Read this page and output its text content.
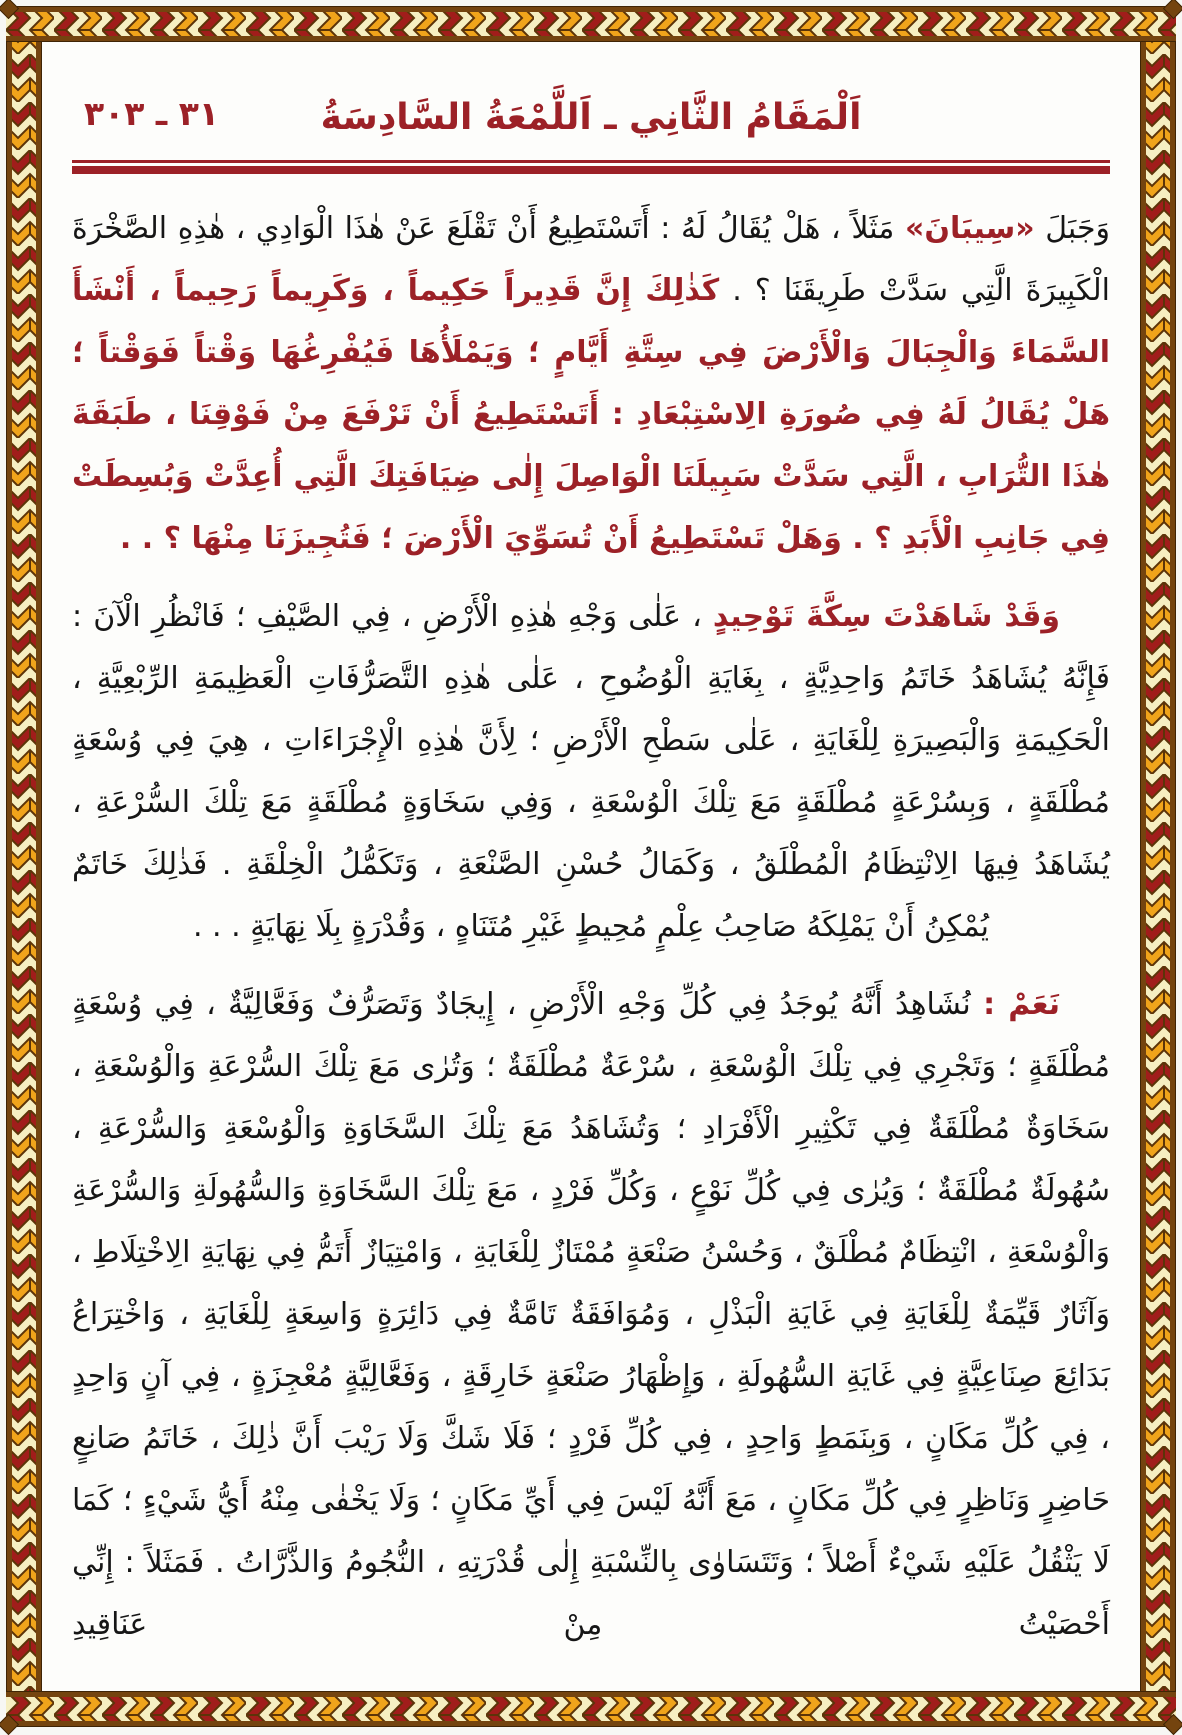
٣١ ـ ٣٠٣	اَلْمَقَامُ الثَّانِي ـ اَللَّمْعَةُ السَّادِسَةُ

وَجَبَلَ «سِيبَانَ» مَثَلاً ، هَلْ يُقَالُ لَهُ : أَتَسْتَطِيعُ أَنْ تَقْلَعَ عَنْ هٰذَا الْوَادِي ، هٰذِهِ الصَّخْرَةَ الْكَبِيرَةَ الَّتِي سَدَّتْ طَرِيقَنَا ؟ . كَذٰلِكَ إِنَّ قَدِيراً حَكِيماً ، وَكَرِيماً رَحِيماً ، أَنْشَأَ السَّمَاءَ وَالْجِبَالَ وَالْأَرْضَ فِي سِتَّةِ أَيَّامٍ ؛ وَيَمْلَأُهَا فَيُفْرِغُهَا وَقْتاً فَوَقْتاً ؛ هَلْ يُقَالُ لَهُ فِي صُورَةِ الِاسْتِبْعَادِ : أَتَسْتَطِيعُ أَنْ تَرْفَعَ مِنْ فَوْقِنَا ، طَبَقَةَ هٰذَا التُّرَابِ ، الَّتِي سَدَّتْ سَبِيلَنَا الْوَاصِلَ إِلٰى ضِيَافَتِكَ الَّتِي أُعِدَّتْ وَبُسِطَتْ فِي جَانِبِ الْأَبَدِ ؟ . وَهَلْ تَسْتَطِيعُ أَنْ تُسَوِّيَ الْأَرْضَ ؛ فَتُجِيزَنَا مِنْهَا ؟ . .

وَقَدْ شَاهَدْتَ سِكَّةَ تَوْحِيدٍ ، عَلٰى وَجْهِ هٰذِهِ الْأَرْضِ ، فِي الصَّيْفِ ؛ فَانْظُرِ الْآنَ : فَإِنَّهُ يُشَاهَدُ خَاتَمُ وَاحِدِيَّةٍ ، بِغَايَةِ الْوُضُوحِ ، عَلٰى هٰذِهِ التَّصَرُّفَاتِ الْعَظِيمَةِ الرِّبْعِيَّةِ ، الْحَكِيمَةِ وَالْبَصِيرَةِ لِلْغَايَةِ ، عَلٰى سَطْحِ الْأَرْضِ ؛ لِأَنَّ هٰذِهِ الْإِجْرَاءَاتِ ، هِيَ فِي وُسْعَةٍ مُطْلَقَةٍ ، وَبِسُرْعَةٍ مُطْلَقَةٍ مَعَ تِلْكَ الْوُسْعَةِ ، وَفِي سَخَاوَةٍ مُطْلَقَةٍ مَعَ تِلْكَ السُّرْعَةِ ، يُشَاهَدُ فِيهَا الِانْتِظَامُ الْمُطْلَقُ ، وَكَمَالُ حُسْنِ الصَّنْعَةِ ، وَتَكَمُّلُ الْخِلْقَةِ . فَذٰلِكَ خَاتَمٌ يُمْكِنُ أَنْ يَمْلِكَهُ صَاحِبُ عِلْمٍ مُحِيطٍ غَيْرِ مُتَنَاهٍ ، وَقُدْرَةٍ بِلَا نِهَايَةٍ . . .

نَعَمْ : نُشَاهِدُ أَنَّهُ يُوجَدُ فِي كُلِّ وَجْهِ الْأَرْضِ ، إِيجَادٌ وَتَصَرُّفٌ وَفَعَّالِيَّةٌ ، فِي وُسْعَةٍ مُطْلَقَةٍ ؛ وَتَجْرِي فِي تِلْكَ الْوُسْعَةِ ، سُرْعَةٌ مُطْلَقَةٌ ؛ وَتُرٰى مَعَ تِلْكَ السُّرْعَةِ وَالْوُسْعَةِ ، سَخَاوَةٌ مُطْلَقَةٌ فِي تَكْثِيرِ الْأَفْرَادِ ؛ وَتُشَاهَدُ مَعَ تِلْكَ السَّخَاوَةِ وَالْوُسْعَةِ وَالسُّرْعَةِ ، سُهُولَةٌ مُطْلَقَةٌ ؛ وَيُرٰى فِي كُلِّ نَوْعٍ ، وَكُلِّ فَرْدٍ ، مَعَ تِلْكَ السَّخَاوَةِ وَالسُّهُولَةِ وَالسُّرْعَةِ وَالْوُسْعَةِ ، انْتِظَامٌ مُطْلَقٌ ، وَحُسْنُ صَنْعَةٍ مُمْتَازٌ لِلْغَايَةِ ، وَامْتِيَازٌ أَتَمُّ فِي نِهَايَةِ الِاخْتِلَاطِ ، وَآثَارٌ قَيِّمَةٌ لِلْغَايَةِ فِي غَايَةِ الْبَذْلِ ، وَمُوَافَقَةٌ تَامَّةٌ فِي دَائِرَةٍ وَاسِعَةٍ لِلْغَايَةِ ، وَاخْتِرَاعُ بَدَائِعَ صِنَاعِيَّةٍ فِي غَايَةِ السُّهُولَةِ ، وَإِظْهَارُ صَنْعَةٍ خَارِقَةٍ ، وَفَعَّالِيَّةٍ مُعْجِزَةٍ ، فِي آنٍ وَاحِدٍ ، فِي كُلِّ مَكَانٍ ، وَبِنَمَطٍ وَاحِدٍ ، فِي كُلِّ فَرْدٍ ؛ فَلَا شَكَّ وَلَا رَيْبَ أَنَّ ذٰلِكَ ، خَاتَمُ صَانِعٍ حَاضِرٍ وَنَاظِرٍ فِي كُلِّ مَكَانٍ ، مَعَ أَنَّهُ لَيْسَ فِي أَيِّ مَكَانٍ ؛ وَلَا يَخْفٰى مِنْهُ أَيُّ شَيْءٍ ؛ كَمَا لَا يَثْقُلُ عَلَيْهِ شَيْءٌ أَصْلاً ؛ وَتَتَسَاوٰى بِالنِّسْبَةِ إِلٰى قُدْرَتِهِ ، النُّجُومُ وَالذَّرَّاتُ . فَمَثَلاً : إِنِّي أَحْصَيْتُ مِنْ عَنَاقِيدِ
